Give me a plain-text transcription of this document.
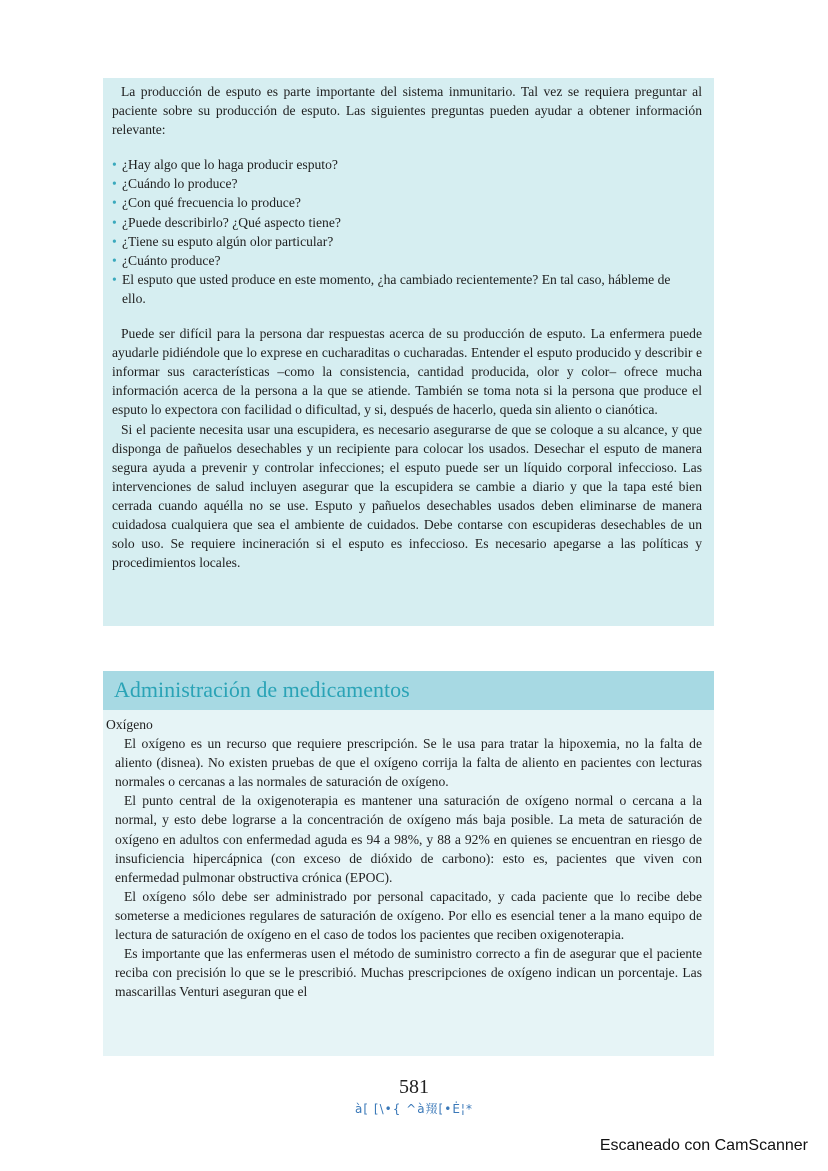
La producción de esputo es parte importante del sistema inmunitario. Tal vez se requiera preguntar al paciente sobre su producción de esputo. Las siguientes preguntas pueden ayudar a obtener información relevante:

• ¿Hay algo que lo haga producir esputo?
• ¿Cuándo lo produce?
• ¿Con qué frecuencia lo produce?
• ¿Puede describirlo? ¿Qué aspecto tiene?
• ¿Tiene su esputo algún olor particular?
• ¿Cuánto produce?
• El esputo que usted produce en este momento, ¿ha cambiado recientemente? En tal caso, hábleme de ello.

Puede ser difícil para la persona dar respuestas acerca de su producción de esputo. La enfermera puede ayudarle pidiéndole que lo exprese en cucharaditas o cucharadas. Entender el esputo producido y describir e informar sus características –como la consistencia, cantidad producida, olor y color– ofrece mucha información acerca de la persona a la que se atiende. También se toma nota si la persona que produce el esputo lo expectora con facilidad o dificultad, y si, después de hacerlo, queda sin aliento o cianótica.

Si el paciente necesita usar una escupidera, es necesario asegurarse de que se coloque a su alcance, y que disponga de pañuelos desechables y un recipiente para colocar los usados. Desechar el esputo de manera segura ayuda a prevenir y controlar infecciones; el esputo puede ser un líquido corporal infeccioso. Las intervenciones de salud incluyen asegurar que la escupidera se cambie a diario y que la tapa esté bien cerrada cuando aquélla no se use. Esputo y pañuelos desechables usados deben eliminarse de manera cuidadosa cualquiera que sea el ambiente de cuidados. Debe contarse con escupideras desechables de un solo uso. Se requiere incineración si el esputo es infeccioso. Es necesario apegarse a las políticas y procedimientos locales.

Administración de medicamentos
Oxígeno

El oxígeno es un recurso que requiere prescripción. Se le usa para tratar la hipoxemia, no la falta de aliento (disnea). No existen pruebas de que el oxígeno corrija la falta de aliento en pacientes con lecturas normales o cercanas a las normales de saturación de oxígeno.

El punto central de la oxigenoterapia es mantener una saturación de oxígeno normal o cercana a la normal, y esto debe lograrse a la concentración de oxígeno más baja posible. La meta de saturación de oxígeno en adultos con enfermedad aguda es 94 a 98%, y 88 a 92% en quienes se encuentran en riesgo de insuficiencia hipercápnica (con exceso de dióxido de carbono): esto es, pacientes que viven con enfermedad pulmonar obstructiva crónica (EPOC).

El oxígeno sólo debe ser administrado por personal capacitado, y cada paciente que lo recibe debe someterse a mediciones regulares de saturación de oxígeno. Por ello es esencial tener a la mano equipo de lectura de saturación de oxígeno en el caso de todos los pacientes que reciben oxigenoterapia.

Es importante que las enfermeras usen el método de suministro correcto a fin de asegurar que el paciente reciba con precisión lo que se le prescribió. Muchas prescripciones de oxígeno indican un porcentaje. Las mascarillas Venturi aseguran que el

581
à[ [\•{ ^à䍳[•Ė¦*
Escaneado con CamScanner
